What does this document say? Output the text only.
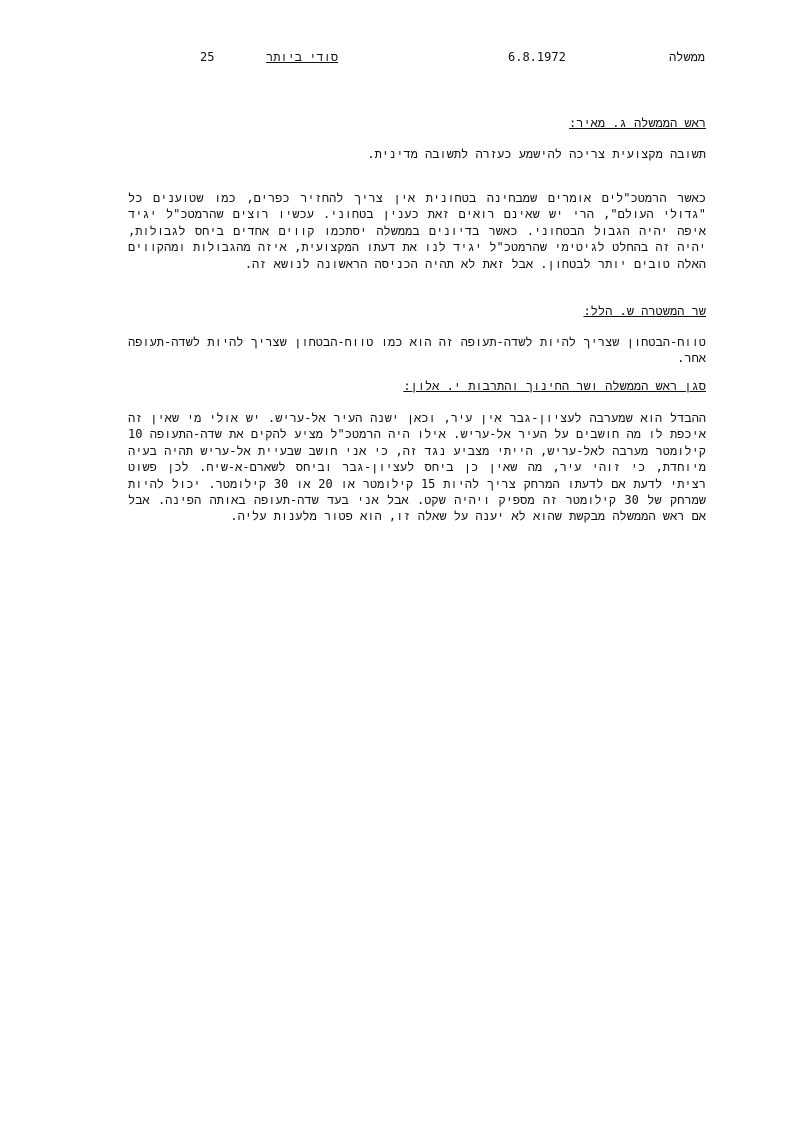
25	סודי ביותר	6.8.1972	ממשלה
ראש הממשלה ג. מאיר:
תשובה מקצועית צריכה להישמע כעזרה לתשובה מדינית.
כאשר הרמטכ"לים אומרים שמבחינה בטחונית אין צריך להחזיר כפרים, כמו שטוענים כל "גדולי העולם", הרי יש שאינם רואים זאת כענין בטחוני. עכשיו רוצים שהרמטכ"ל יגיד איפה יהיה הגבול הבטחוני. כאשר בדיונים בממשלה יסתכמו קווים אחדים ביחס לגבולות, יהיה זה בהחלט לגיטימי שהרמטכ"ל יגיד לנו את דעתו המקצועית, איזה מהגבולות ומהקווים האלה טובים יותר לבטחון. אבל זאת לא תהיה הכניסה הראשונה לנושא זה.
שר המשטרה ש. הלל:
טווח-הבטחון שצריך להיות לשדה-תעופה זה הוא כמו טווח-הבטחון שצריך להיות לשדה-תעופה אחר.
סגן ראש הממשלה ושר החינוך והתרבות י. אלון:
ההבדל הוא שמערבה לעציון-גבר אין עיר, וכאן ישנה העיר אל-עריש. יש אולי מי שאין זה איכפת לו מה חושבים על העיר אל-עריש. אילו היה הרמטכ"ל מציע להקים את שדה-התעופה 10 קילומטר מערבה לאל-עריש, הייתי מצביע נגד זה, כי אני חושב שבעיית אל-עריש תהיה בעיה מיוחדת, כי זוהי עיר, מה שאין כן ביחס לעציון-גבר וביחס לשארם-א-שיח. לכן פשוט רציתי לדעת אם לדעתו המרחק צריך להיות 15 קילומטר או 20 או 30 קילומטר. יכול להיות שמרחק של 30 קילומטר זה מספיק ויהיה שקט. אבל אני בעד שדה-תעופה באותה הפינה. אבל אם ראש הממשלה מבקשת שהוא לא יענה על שאלה זו, הוא פטור מלענות עליה.
